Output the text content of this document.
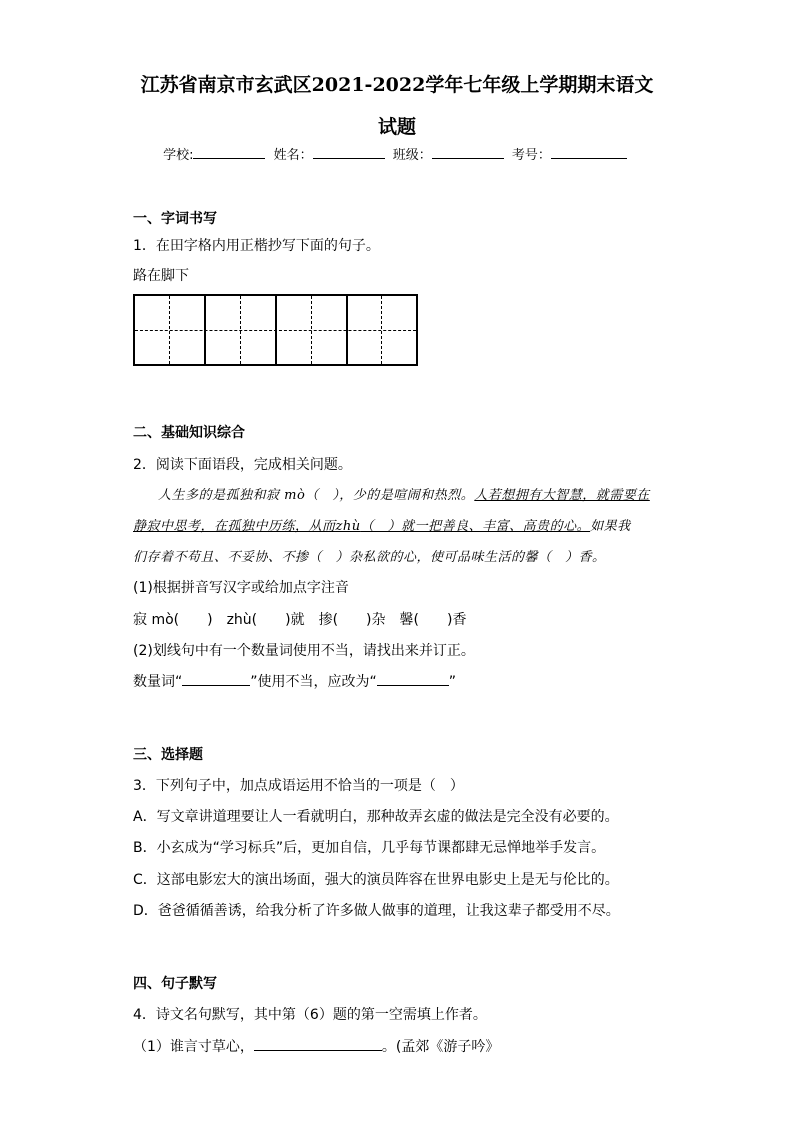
江苏省南京市玄武区2021-2022学年七年级上学期期末语文
试题
学校:	姓名：	班级：	考号：
一、字词书写
1．在田字格内用正楷抄写下面的句子。
路在脚下
二、基础知识综合
2．阅读下面语段，完成相关问题。
人生多的是孤独和寂 mò（　），少的是喧闹和热烈。人若想拥有大智慧，就需要在
静寂中思考，在孤独中历练，从而zhù（　）就一把善良、丰富、高贵的心。如果我
们存着不苟且、不妥协、不掺（　）杂私欲的心，使可品味生活的馨（　）香。
(1)根据拼音写汉字或给加点字注音
寂 mò(　　)　zhù(　　)就　掺(　　)杂　馨(　　)香
(2)划线句中有一个数量词使用不当，请找出来并订正。
数量词“	”使用不当，应改为“	”
三、选择题
3．下列句子中，加点成语运用不恰当的一项是（　）
A．写文章讲道理要让人一看就明白，那种故弄玄虚的做法是完全没有必要的。
B．小玄成为“学习标兵”后，更加自信，几乎每节课都肆无忌惮地举手发言。
C．这部电影宏大的演出场面，强大的演员阵容在世界电影史上是无与伦比的。
D．爸爸循循善诱，给我分析了许多做人做事的道理，让我这辈子都受用不尽。
四、句子默写
4．诗文名句默写，其中第（6）题的第一空需填上作者。
（1）谁言寸草心，	。(孟郊《游子吟》
